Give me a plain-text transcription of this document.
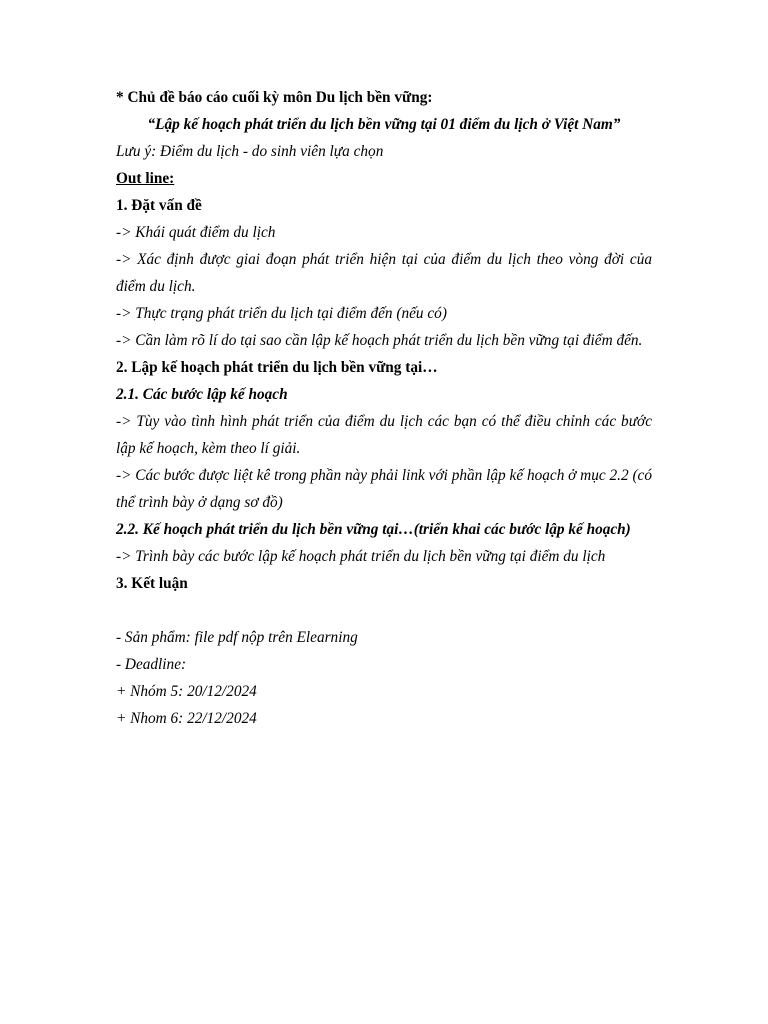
* Chủ đề báo cáo cuối kỳ môn Du lịch bền vững:
“Lập kế hoạch phát triển du lịch bền vững tại 01 điểm du lịch ở Việt Nam”
Lưu ý: Điểm du lịch - do sinh viên lựa chọn
Out line:
1. Đặt vấn đề
-> Khái quát điểm du lịch
-> Xác định được giai đoạn phát triển hiện tại của điểm du lịch theo vòng đời của điểm du lịch.
-> Thực trạng phát triển du lịch tại điểm đến (nếu có)
-> Cần làm rõ lí do tại sao cần lập kế hoạch phát triển du lịch bền vững tại điểm đến.
2. Lập kế hoạch phát triển du lịch bền vững tại…
2.1. Các bước lập kế hoạch
-> Tùy vào tình hình phát triển của điểm du lịch các bạn có thể điều chỉnh các bước lập kế hoạch, kèm theo lí giải.
-> Các bước được liệt kê trong phần này phải link với phần lập kế hoạch ở mục 2.2 (có thể trình bày ở dạng sơ đồ)
2.2. Kế hoạch phát triển du lịch bền vững tại…(triển khai các bước lập kế hoạch)
-> Trình bày các bước lập kế hoạch phát triển du lịch bền vững tại điểm du lịch
3. Kết luận
- Sản phẩm: file pdf nộp trên Elearning
- Deadline:
+ Nhóm 5: 20/12/2024
+ Nhom 6: 22/12/2024
